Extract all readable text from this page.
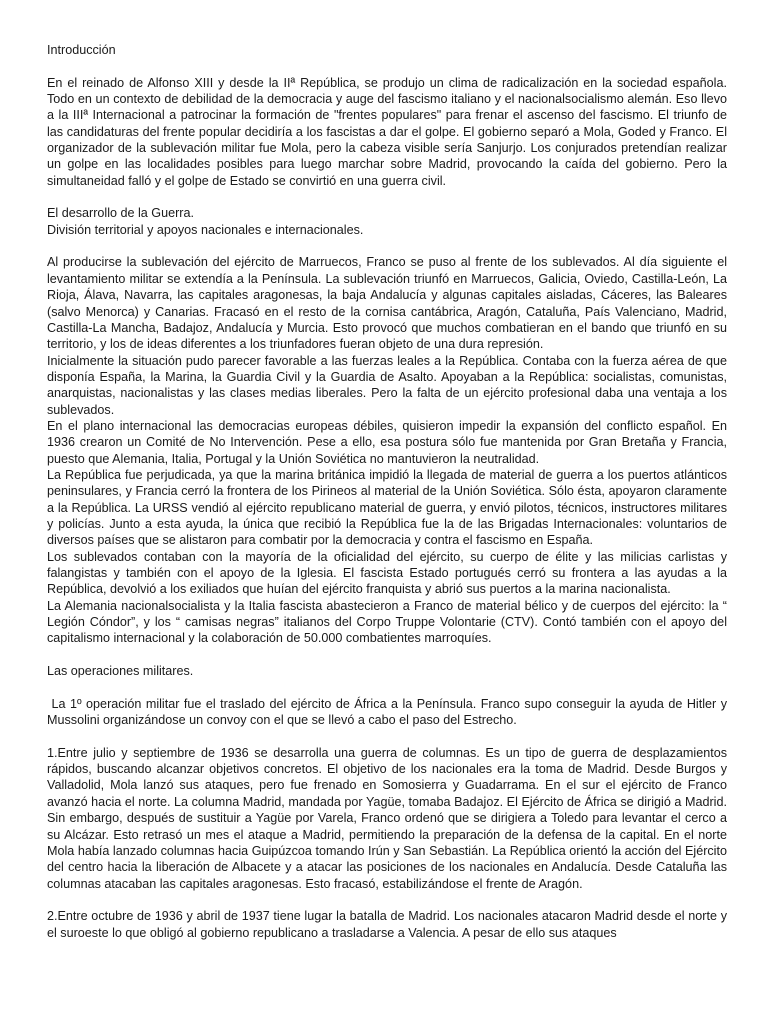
Introducción

En el reinado de Alfonso XIII y desde la IIª República, se produjo un clima de radicalización en la sociedad española. Todo en un contexto de debilidad de la democracia y auge del fascismo italiano y el nacionalsocialismo alemán. Eso llevo a la IIIª Internacional a patrocinar la formación de "frentes populares" para frenar el ascenso del fascismo. El triunfo de las candidaturas del frente popular decidiría a los fascistas a dar el golpe. El gobierno separó a Mola, Goded y Franco. El organizador de la sublevación militar fue Mola, pero la cabeza visible sería Sanjurjo. Los conjurados pretendían realizar un golpe en las localidades posibles para luego marchar sobre Madrid, provocando la caída del gobierno. Pero la simultaneidad falló y el golpe de Estado se convirtió en una guerra civil.

El desarrollo de la Guerra.
División territorial y apoyos nacionales e internacionales.

Al producirse la sublevación del ejército de Marruecos, Franco se puso al frente de los sublevados. Al día siguiente el levantamiento militar se extendía a la Península. La sublevación triunfó en Marruecos, Galicia, Oviedo, Castilla-León, La Rioja, Álava, Navarra, las capitales aragonesas, la baja Andalucía y algunas capitales aisladas, Cáceres, las Baleares (salvo Menorca) y Canarias. Fracasó en el resto de la cornisa cantábrica, Aragón, Cataluña, País Valenciano, Madrid, Castilla-La Mancha, Badajoz, Andalucía y Murcia. Esto provocó que muchos combatieran en el bando que triunfó en su territorio, y los de ideas diferentes a los triunfadores fueran objeto de una dura represión.

Inicialmente la situación pudo parecer favorable a las fuerzas leales a la República. Contaba con la fuerza aérea de que disponía España, la Marina, la Guardia Civil y la Guardia de Asalto. Apoyaban a la República: socialistas, comunistas, anarquistas, nacionalistas y las clases medias liberales. Pero la falta de un ejército profesional daba una ventaja a los sublevados.

En el plano internacional las democracias europeas débiles, quisieron impedir la expansión del conflicto español. En 1936 crearon un Comité de No Intervención. Pese a ello, esa postura sólo fue mantenida por Gran Bretaña y Francia, puesto que Alemania, Italia, Portugal y la Unión Soviética no mantuvieron la neutralidad.

La República fue perjudicada, ya que la marina británica impidió la llegada de material de guerra a los puertos atlánticos peninsulares, y Francia cerró la frontera de los Pirineos al material de la Unión Soviética. Sólo ésta, apoyaron claramente a la República. La URSS vendió al ejército republicano material de guerra, y envió pilotos, técnicos, instructores militares y policías. Junto a esta ayuda, la única que recibió la República fue la de las Brigadas Internacionales: voluntarios de diversos países que se alistaron para combatir por la democracia y contra el fascismo en España.

Los sublevados contaban con la mayoría de la oficialidad del ejército, su cuerpo de élite y las milicias carlistas y falangistas y también con el apoyo de la Iglesia. El fascista Estado portugués cerró su frontera a las ayudas a la República, devolvió a los exiliados que huían del ejército franquista y abrió sus puertos a la marina nacionalista.

La Alemania nacionalsocialista y la Italia fascista abastecieron a Franco de material bélico y de cuerpos del ejército: la “ Legión Cóndor”, y los “ camisas negras” italianos del Corpo Truppe Volontarie (CTV). Contó también con el apoyo del capitalismo internacional y la colaboración de 50.000 combatientes marroquíes.

Las operaciones militares.

La 1º operación militar fue el traslado del ejército de África a la Península. Franco supo conseguir la ayuda de Hitler y Mussolini organizándose un convoy con el que se llevó a cabo el paso del Estrecho.

1.Entre julio y septiembre de 1936 se desarrolla una guerra de columnas. Es un tipo de guerra de desplazamientos rápidos, buscando alcanzar objetivos concretos. El objetivo de los nacionales era la toma de Madrid. Desde Burgos y Valladolid, Mola lanzó sus ataques, pero fue frenado en Somosierra y Guadarrama. En el sur el ejército de Franco avanzó hacia el norte. La columna Madrid, mandada por Yagüe, tomaba Badajoz. El Ejército de África se dirigió a Madrid. Sin embargo, después de sustituir a Yagüe por Varela, Franco ordenó que se dirigiera a Toledo para levantar el cerco a su Alcázar. Esto retrasó un mes el ataque a Madrid, permitiendo la preparación de la defensa de la capital. En el norte Mola había lanzado columnas hacia Guipúzcoa tomando Irún y San Sebastián. La República orientó la acción del Ejército del centro hacia la liberación de Albacete y a atacar las posiciones de los nacionales en Andalucía. Desde Cataluña las columnas atacaban las capitales aragonesas. Esto fracasó, estabilizándose el frente de Aragón.

2.Entre octubre de 1936 y abril de 1937 tiene lugar la batalla de Madrid. Los nacionales atacaron Madrid desde el norte y el suroeste lo que obligó al gobierno republicano a trasladarse a Valencia. A pesar de ello sus ataques
